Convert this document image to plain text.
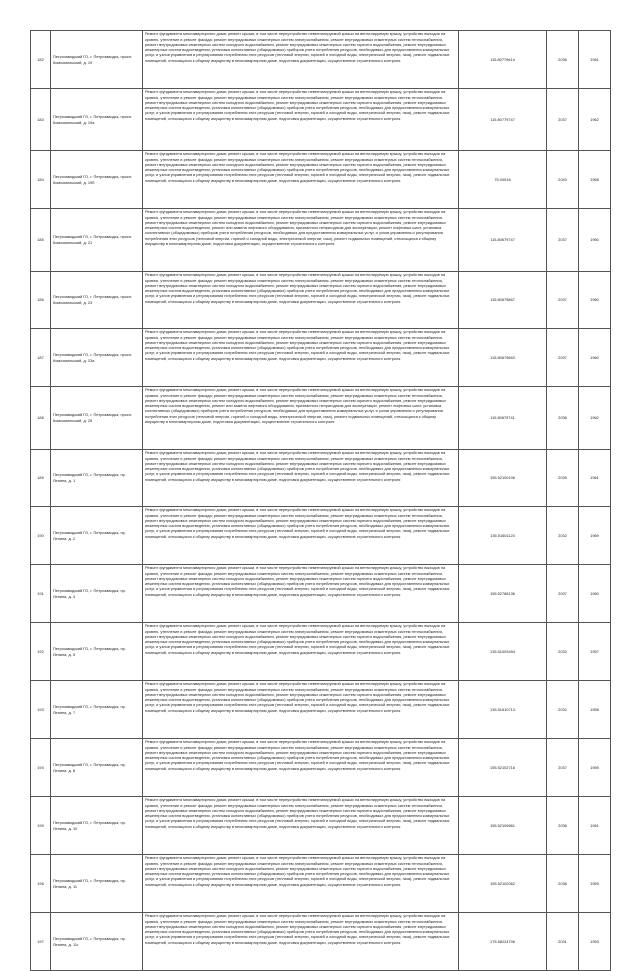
182	Петрозаводский ГО, г. Петрозаводск, просп. Комсомольский, д. 19	Ремонт фундамента многоквартирного дома; ремонт крыши, в том числе переустройство невентилируемой крыши на вентилируемую крышу, устройство выходов на кровлю, утепление и ремонт фасада; ремонт внутридомовых инженерных систем электроснабжения, ремонт внутридомовых инженерных систем теплоснабжения, ремонт внутридомовых инженерных систем холодного водоснабжения, ремонт внутридомовых инженерных систем горячего водоснабжения, ремонт внутридомовых инженерных систем водоотведения, установка коллективных (общедомовых) приборов учета потребления ресурсов, необходимых для предоставления коммунальных услуг, и узлов управления и регулирования потребления этих ресурсов (тепловой энергии, горячей и холодной воды, электрической энергии, газа), ремонт подвальных помещений, относящихся к общему имуществу в многоквартирном доме, подготовка документации, осуществление строительного контроля	115.80779614	2036	1961
183	Петрозаводский ГО, г. Петрозаводск, просп. Комсомольский, д. 19а	Ремонт фундамента многоквартирного дома; ремонт крыши, в том числе переустройство невентилируемой крыши на вентилируемую крышу, устройство выходов на кровлю, утепление и ремонт фасада; ремонт внутридомовых инженерных систем электроснабжения, ремонт внутридомовых инженерных систем теплоснабжения, ремонт внутридомовых инженерных систем холодного водоснабжения, ремонт внутридомовых инженерных систем горячего водоснабжения, ремонт внутридомовых инженерных систем водоотведения, установка коллективных (общедомовых) приборов учета потребления ресурсов, необходимых для предоставления коммунальных услуг, и узлов управления и регулирования потребления этих ресурсов (тепловой энергии, горячей и холодной воды, электрической энергии, газа), ремонт подвальных помещений, относящихся к общему имуществу в многоквартирном доме, подготовка документации, осуществление строительного контроля	115.80779747	2037	1962
184	Петрозаводский ГО, г. Петрозаводск, просп. Комсомольский, д. 19б	Ремонт фундамента многоквартирного дома; ремонт крыши, в том числе переустройство невентилируемой крыши на вентилируемую крышу, устройство выходов на кровлю, утепление и ремонт фасада; ремонт внутридомовых инженерных систем электроснабжения, ремонт внутридомовых инженерных систем теплоснабжения, ремонт внутридомовых инженерных систем холодного водоснабжения, ремонт внутридомовых инженерных систем горячего водоснабжения, ремонт внутридомовых инженерных систем водоотведения, установка коллективных (общедомовых) приборов учета потребления ресурсов, необходимых для предоставления коммунальных услуг, и узлов управления и регулирования потребления этих ресурсов (тепловой энергии, горячей и холодной воды, электрической энергии, газа), ремонт подвальных помещений, относящихся к общему имуществу в многоквартирном доме, подготовка документации, осуществление строительного контроля	75.00518	2043	1968
185	Петрозаводский ГО, г. Петрозаводск, просп. Комсомольский, д. 21	Ремонт фундамента многоквартирного дома; ремонт крыши, в том числе переустройство невентилируемой крыши на вентилируемую крышу, устройство выходов на кровлю, утепление и ремонт фасада; ремонт внутридомовых инженерных систем электроснабжения, ремонт внутридомовых инженерных систем теплоснабжения, ремонт внутридомовых инженерных систем холодного водоснабжения, ремонт внутридомовых инженерных систем горячего водоснабжения, ремонт внутридомовых инженерных систем водоотведения, ремонт или замена лифтового оборудования, признанного непригодным для эксплуатации, ремонт лифтовых шахт, установка коллективных (общедомовых) приборов учета потребления ресурсов, необходимых для предоставления коммунальных услуг, и узлов управления и регулирования потребления этих ресурсов (тепловой энергии, горячей и холодной воды, электрической энергии, газа), ремонт подвальных помещений, относящихся к общему имуществу в многоквартирном доме, подготовка документации, осуществление строительного контроля	115.80679747	2037	1960
186	Петрозаводский ГО, г. Петрозаводск, просп. Комсомольский, д. 23	Ремонт фундамента многоквартирного дома; ремонт крыши, в том числе переустройство невентилируемой крыши на вентилируемую крышу, устройство выходов на кровлю, утепление и ремонт фасада; ремонт внутридомовых инженерных систем электроснабжения, ремонт внутридомовых инженерных систем теплоснабжения, ремонт внутридомовых инженерных систем холодного водоснабжения, ремонт внутридомовых инженерных систем горячего водоснабжения, ремонт внутридомовых инженерных систем водоотведения, установка коллективных (общедомовых) приборов учета потребления ресурсов, необходимых для предоставления коммунальных услуг, и узлов управления и регулирования потребления этих ресурсов (тепловой энергии, горячей и холодной воды, электрической энергии, газа), ремонт подвальных помещений, относящихся к общему имуществу в многоквартирном доме, подготовка документации, осуществление строительного контроля	115.80679867	2037	1960
187	Петрозаводский ГО, г. Петрозаводск, просп. Комсомольский, д. 23а	Ремонт фундамента многоквартирного дома; ремонт крыши, в том числе переустройство невентилируемой крыши на вентилируемую крышу, устройство выходов на кровлю, утепление и ремонт фасада; ремонт внутридомовых инженерных систем электроснабжения, ремонт внутридомовых инженерных систем теплоснабжения, ремонт внутридомовых инженерных систем холодного водоснабжения, ремонт внутридомовых инженерных систем горячего водоснабжения, ремонт внутридомовых инженерных систем водоотведения, установка коллективных (общедомовых) приборов учета потребления ресурсов, необходимых для предоставления коммунальных услуг, и узлов управления и регулирования потребления этих ресурсов (тепловой энергии, горячей и холодной воды, электрической энергии, газа), ремонт подвальных помещений, относящихся к общему имуществу в многоквартирном доме, подготовка документации, осуществление строительного контроля	115.80679663	2037	1960
188	Петрозаводский ГО, г. Петрозаводск, просп. Комсомольский, д. 25	Ремонт фундамента многоквартирного дома; ремонт крыши, в том числе переустройство невентилируемой крыши на вентилируемую крышу, устройство выходов на кровлю, утепление и ремонт фасада; ремонт внутридомовых инженерных систем электроснабжения, ремонт внутридомовых инженерных систем теплоснабжения, ремонт внутридомовых инженерных систем холодного водоснабжения, ремонт внутридомовых инженерных систем горячего водоснабжения, ремонт внутридомовых инженерных систем водоотведения, ремонт или замена лифтового оборудования, признанного непригодным для эксплуатации, ремонт лифтовых шахт, установка коллективных (общедомовых) приборов учета потребления ресурсов, необходимых для предоставления коммунальных услуг, и узлов управления и регулирования потребления этих ресурсов (тепловой энергии, горячей и холодной воды, электрической энергии, газа), ремонт подвальных помещений, относящихся к общему имуществу в многоквартирном доме, подготовка документации, осуществление строительного контроля	115.80679741	2036	1962
189	Петрозаводский ГО, г. Петрозаводск, пр. Ленина, д. 1	Ремонт фундамента многоквартирного дома; ремонт крыши, в том числе переустройство невентилируемой крыши на вентилируемую крышу, устройство выходов на кровлю, утепление и ремонт фасада; ремонт внутридомовых инженерных систем электроснабжения, ремонт внутридомовых инженерных систем теплоснабжения, ремонт внутридомовых инженерных систем холодного водоснабжения, ремонт внутридомовых инженерных систем горячего водоснабжения, ремонт внутридомовых инженерных систем водоотведения, установка коллективных (общедомовых) приборов учета потребления ресурсов, необходимых для предоставления коммунальных услуг, и узлов управления и регулирования потребления этих ресурсов (тепловой энергии, горячей и холодной воды, электрической энергии, газа), ремонт подвальных помещений, относящихся к общему имуществу в многоквартирном доме, подготовка документации, осуществление строительного контроля	155.52100106	2039	1961
190	Петрозаводский ГО, г. Петрозаводск, пр. Ленина, д. 2	Ремонт фундамента многоквартирного дома; ремонт крыши, в том числе переустройство невентилируемой крыши на вентилируемую крышу, устройство выходов на кровлю, утепление и ремонт фасада; ремонт внутридомовых инженерных систем электроснабжения, ремонт внутридомовых инженерных систем теплоснабжения, ремонт внутридомовых инженерных систем холодного водоснабжения, ремонт внутридомовых инженерных систем горячего водоснабжения, ремонт внутридомовых инженерных систем водоотведения, установка коллективных (общедомовых) приборов учета потребления ресурсов, необходимых для предоставления коммунальных услуг, и узлов управления и регулирования потребления этих ресурсов (тепловой энергии, горячей и холодной воды, электрической энергии, газа), ремонт подвальных помещений, относящихся к общему имуществу в многоквартирном доме, подготовка документации, осуществление строительного контроля	135.51601123	2032	1969
191	Петрозаводский ГО, г. Петрозаводск, пр. Ленина, д. 4	Ремонт фундамента многоквартирного дома; ремонт крыши, в том числе переустройство невентилируемой крыши на вентилируемую крышу, устройство выходов на кровлю, утепление и ремонт фасада; ремонт внутридомовых инженерных систем электроснабжения, ремонт внутридомовых инженерных систем теплоснабжения, ремонт внутридомовых инженерных систем холодного водоснабжения, ремонт внутридомовых инженерных систем горячего водоснабжения, ремонт внутридомовых инженерных систем водоотведения, установка коллективных (общедомовых) приборов учета потребления ресурсов, необходимых для предоставления коммунальных услуг, и узлов управления и регулирования потребления этих ресурсов (тепловой энергии, горячей и холодной воды, электрической энергии, газа), ремонт подвальных помещений, относящихся к общему имуществу в многоквартирном доме, подготовка документации, осуществление строительного контроля	155.52788136	2037	1960
192	Петрозаводский ГО, г. Петрозаводск, пр. Ленина, д. 5	Ремонт фундамента многоквартирного дома; ремонт крыши, в том числе переустройство невентилируемой крыши на вентилируемую крышу, устройство выходов на кровлю, утепление и ремонт фасада; ремонт внутридомовых инженерных систем электроснабжения, ремонт внутридомовых инженерных систем теплоснабжения, ремонт внутридомовых инженерных систем холодного водоснабжения, ремонт внутридомовых инженерных систем горячего водоснабжения, ремонт внутридомовых инженерных систем водоотведения, установка коллективных (общедомовых) приборов учета потребления ресурсов, необходимых для предоставления коммунальных услуг, и узлов управления и регулирования потребления этих ресурсов (тепловой энергии, горячей и холодной воды, электрической энергии, газа), ремонт подвальных помещений, относящихся к общему имуществу в многоквартирном доме, подготовка документации, осуществление строительного контроля	135.51003494	2032	1957
193	Петрозаводский ГО, г. Петрозаводск, пр. Ленина, д. 7	Ремонт фундамента многоквартирного дома; ремонт крыши, в том числе переустройство невентилируемой крыши на вентилируемую крышу, устройство выходов на кровлю, утепление и ремонт фасада; ремонт внутридомовых инженерных систем электроснабжения, ремонт внутридомовых инженерных систем теплоснабжения, ремонт внутридомовых инженерных систем холодного водоснабжения, ремонт внутридомовых инженерных систем горячего водоснабжения, ремонт внутридомовых инженерных систем водоотведения, установка коллективных (общедомовых) приборов учета потребления ресурсов, необходимых для предоставления коммунальных услуг, и узлов управления и регулирования потребления этих ресурсов (тепловой энергии, горячей и холодной воды, электрической энергии, газа), ремонт подвальных помещений, относящихся к общему имуществу в многоквартирном доме, подготовка документации, осуществление строительного контроля	135.51610713	2032	1958
194	Петрозаводский ГО, г. Петрозаводск, пр. Ленина, д. 8	Ремонт фундамента многоквартирного дома; ремонт крыши, в том числе переустройство невентилируемой крыши на вентилируемую крышу, устройство выходов на кровлю, утепление и ремонт фасада; ремонт внутридомовых инженерных систем электроснабжения, ремонт внутридомовых инженерных систем теплоснабжения, ремонт внутридомовых инженерных систем холодного водоснабжения, ремонт внутридомовых инженерных систем горячего водоснабжения, ремонт внутридомовых инженерных систем водоотведения, установка коллективных (общедомовых) приборов учета потребления ресурсов, необходимых для предоставления коммунальных услуг, и узлов управления и регулирования потребления этих ресурсов (тепловой энергии, горячей и холодной воды, электрической энергии, газа), ремонт подвальных помещений, относящихся к общему имуществу в многоквартирном доме, подготовка документации, осуществление строительного контроля	155.52102716	2037	1959
195	Петрозаводский ГО, г. Петрозаводск, пр. Ленина, д. 10	Ремонт фундамента многоквартирного дома; ремонт крыши, в том числе переустройство невентилируемой крыши на вентилируемую крышу, устройство выходов на кровлю, утепление и ремонт фасада; ремонт внутридомовых инженерных систем электроснабжения, ремонт внутридомовых инженерных систем теплоснабжения, ремонт внутридомовых инженерных систем холодного водоснабжения, ремонт внутридомовых инженерных систем горячего водоснабжения, ремонт внутридомовых инженерных систем водоотведения, установка коллективных (общедомовых) приборов учета потребления ресурсов, необходимых для предоставления коммунальных услуг, и узлов управления и регулирования потребления этих ресурсов (тепловой энергии, горячей и холодной воды, электрической энергии, газа), ремонт подвальных помещений, относящихся к общему имуществу в многоквартирном доме, подготовка документации, осуществление строительного контроля	155.52109661	2036	1961
196	Петрозаводский ГО, г. Петрозаводск, пр. Ленина, д. 11	Ремонт фундамента многоквартирного дома; ремонт крыши, в том числе переустройство невентилируемой крыши на вентилируемую крышу, устройство выходов на кровлю, утепление и ремонт фасада; ремонт внутридомовых инженерных систем электроснабжения, ремонт внутридомовых инженерных систем теплоснабжения, ремонт внутридомовых инженерных систем холодного водоснабжения, ремонт внутридомовых инженерных систем горячего водоснабжения, ремонт внутридомовых инженерных систем водоотведения, установка коллективных (общедомовых) приборов учета потребления ресурсов, необходимых для предоставления коммунальных услуг, и узлов управления и регулирования потребления этих ресурсов (тепловой энергии, горячей и холодной воды, электрической энергии, газа), ремонт подвальных помещений, относящихся к общему имуществу в многоквартирном доме, подготовка документации, осуществление строительного контроля	155.52102062	2038	1959
197	Петрозаводский ГО, г. Петрозаводск, пр. Ленина, д. 11г	Ремонт фундамента многоквартирного дома; ремонт крыши, в том числе переустройство невентилируемой крыши на вентилируемую крышу, устройство выходов на кровлю, утепление и ремонт фасада; ремонт внутридомовых инженерных систем электроснабжения, ремонт внутридомовых инженерных систем теплоснабжения, ремонт внутридомовых инженерных систем холодного водоснабжения, ремонт внутридомовых инженерных систем горячего водоснабжения, ремонт внутридомовых инженерных систем водоотведения, установка коллективных (общедомовых) приборов учета потребления ресурсов, необходимых для предоставления коммунальных услуг, и узлов управления и регулирования потребления этих ресурсов (тепловой энергии, горячей и холодной воды, электрической энергии, газа), ремонт подвальных помещений, относящихся к общему имуществу в многоквартирном доме, подготовка документации, осуществление строительного контроля	175.58224706	2031	1953
